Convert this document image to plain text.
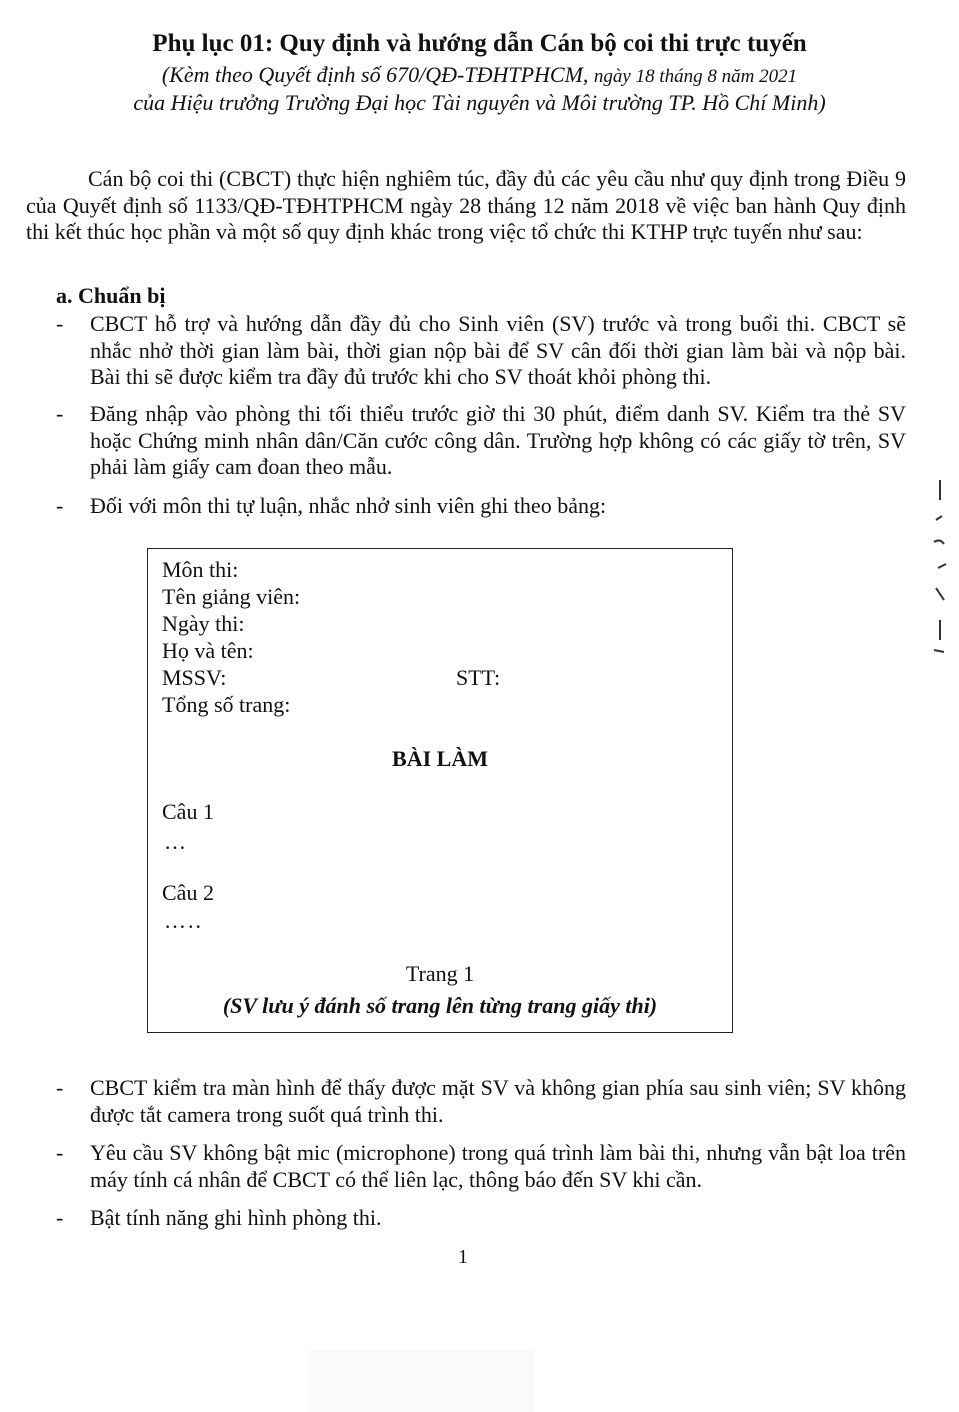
Phụ lục 01: Quy định và hướng dẫn Cán bộ coi thi trực tuyến
(Kèm theo Quyết định số 670/QĐ-TĐHTPHCM, ngày 18 tháng 8 năm 2021
của Hiệu trưởng Trường Đại học Tài nguyên và Môi trường TP. Hồ Chí Minh)
Cán bộ coi thi (CBCT) thực hiện nghiêm túc, đầy đủ các yêu cầu như quy định trong Điều 9 của Quyết định số 1133/QĐ-TĐHTPHCM ngày 28 tháng 12 năm 2018 về việc ban hành Quy định thi kết thúc học phần và một số quy định khác trong việc tổ chức thi KTHP trực tuyến như sau:
a. Chuẩn bị
-	CBCT hỗ trợ và hướng dẫn đầy đủ cho Sinh viên (SV) trước và trong buổi thi. CBCT sẽ nhắc nhở thời gian làm bài, thời gian nộp bài để SV cân đối thời gian làm bài và nộp bài. Bài thi sẽ được kiểm tra đầy đủ trước khi cho SV thoát khỏi phòng thi.
-	Đăng nhập vào phòng thi tối thiểu trước giờ thi 30 phút, điểm danh SV. Kiểm tra thẻ SV hoặc Chứng minh nhân dân/Căn cước công dân. Trường hợp không có các giấy tờ trên, SV phải làm giấy cam đoan theo mẫu.
-	Đối với môn thi tự luận, nhắc nhở sinh viên ghi theo bảng:
Môn thi:
Tên giảng viên:
Ngày thi:
Họ và tên:
MSSV:	STT:
Tổng số trang:
BÀI LÀM
Câu 1
…
Câu 2
…..
Trang 1
(SV lưu ý đánh số trang lên từng trang giấy thi)
-	CBCT kiểm tra màn hình để thấy được mặt SV và không gian phía sau sinh viên; SV không được tắt camera trong suốt quá trình thi.
-	Yêu cầu SV không bật mic (microphone) trong quá trình làm bài thi, nhưng vẫn bật loa trên máy tính cá nhân để CBCT có thể liên lạc, thông báo đến SV khi cần.
-	Bật tính năng ghi hình phòng thi.
1
